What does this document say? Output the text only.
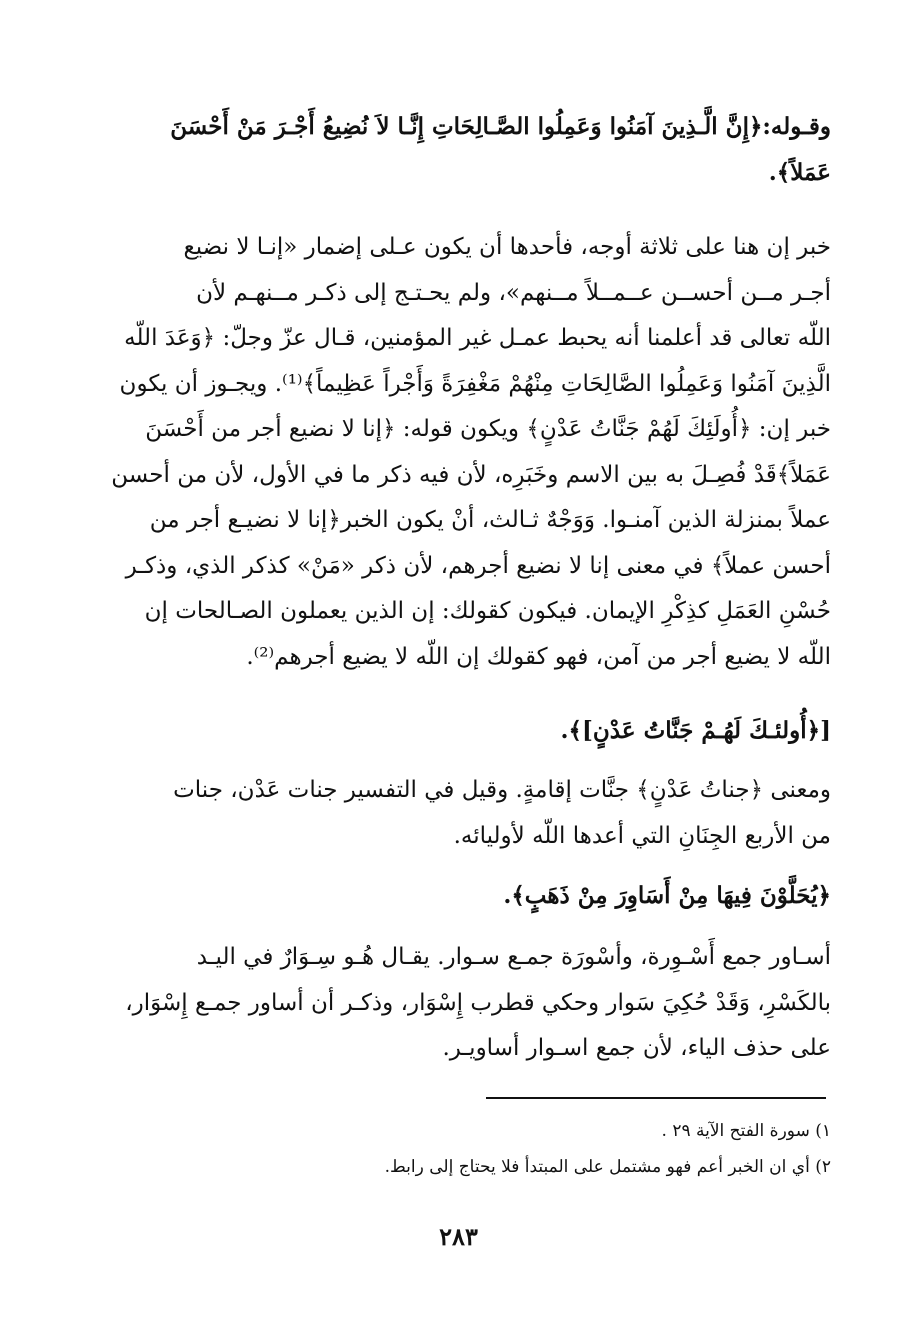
وقـوله:﴿إِنَّ الَّـذِينَ آمَنُوا وَعَمِلُوا الصَّـالِحَاتِ إِنَّـا لاَ نُضِيعُ أَجْـرَ مَنْ أَحْسَنَ
عَمَلاً﴾.
خبر إن هنا على ثلاثة أوجه، فأحدها أن يكون عـلى إضمار «إنـا لا نضيع
أجـر مــن أحســن عــمــلاً مــنهم»، ولم يحـتـج إلى ذكـر مــنهـم لأن
اللّه تعالى قد أعلمنا أنه يحبط عمـل غير المؤمنين، قـال عزّ وجلّ: ﴿وَعَدَ اللّه
الَّذِينَ آمَنُوا وَعَمِلُوا الصَّالِحَاتِ مِنْهُمْ مَغْفِرَةً وَأَجْراً عَظِيماً﴾⁽¹⁾. ويجـوز أن يكون
خبر إن: ﴿أُولَئِكَ لَهُمْ جَنَّاتُ عَدْنٍ﴾ ويكون قوله: ﴿إنا لا نضيع أجر من أَحْسَنَ
عَمَلاً﴾قَدْ فُصِـلَ به بين الاسم وخَبَرِه، لأن فيه ذكر ما في الأول، لأن من أحسن
عملاً بمنزلة الذين آمنـوا. وَوَجْهٌ ثـالث، أنْ يكون الخبر﴿إنا لا نضيـع أجر من
أحسن عملاً﴾ في معنى إنا لا نضيع أجرهم، لأن ذكر «مَنْ» كذكر الذي، وذكـر
حُسْنِ العَمَلِ كذِكْرِ الإيمان. فيكون كقولك: إن الذين يعملون الصـالحات إن
اللّه لا يضيع أجر من آمن، فهو كقولك إن اللّه لا يضيع أجرهم⁽²⁾.
[﴿أُولئـكَ لَهُـمْ جَنَّاتُ عَدْنٍ]﴾.
ومعنى ﴿جناتُ عَدْنٍ﴾ جنَّات إقامةٍ. وقيل في التفسير جنات عَدْن، جنات
من الأربع الجِنَانِ التي أعدها اللّه لأوليائه.
﴿يُحَلَّوْنَ فِيهَا مِنْ أَسَاوِرَ مِنْ ذَهَبٍ﴾.
أسـاور جمع أَسْـوِرة، وأسْورَة جمـع سـوار. يقـال هُـو سِـوَارٌ في اليـد
بالكَسْرِ، وَقَدْ حُكِيَ سَوار وحكي قطرب إِسْوَار، وذكـر أن أساور جمـع إِسْوَار،
على حذف الياء، لأن جمع اسـوار أساويـر.
١) سورة الفتح الآية ٢٩ .
٢) أي ان الخبر أعم فهو مشتمل على المبتدأ فلا يحتاج إلى رابط.
٢٨٣
